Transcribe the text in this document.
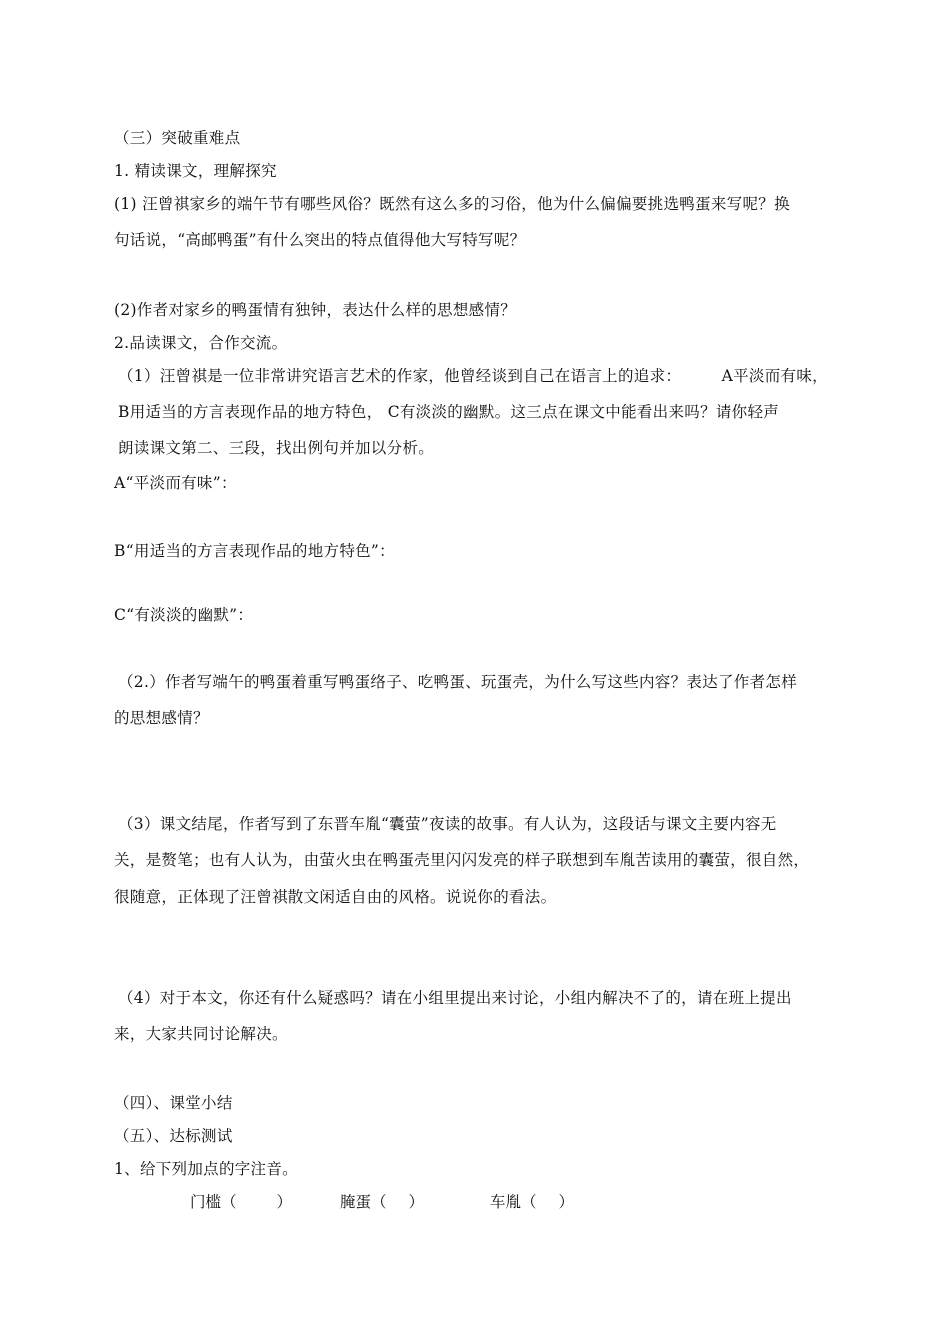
（三）突破重难点
1. 精读课文，理解探究
(1) 汪曾祺家乡的端午节有哪些风俗？既然有这么多的习俗，他为什么偏偏要挑选鸭蛋来写呢？换
句话说，“高邮鸭蛋”有什么突出的特点值得他大写特写呢？
(2)作者对家乡的鸭蛋情有独钟，表达什么样的思想感情？
2.品读课文，合作交流。
（1）汪曾祺是一位非常讲究语言艺术的作家，他曾经谈到自己在语言上的追求：	A平淡而有味，
B用适当的方言表现作品的地方特色， C有淡淡的幽默。这三点在课文中能看出来吗？请你轻声
朗读课文第二、三段，找出例句并加以分析。
A“平淡而有味”：
B“用适当的方言表现作品的地方特色”：
C“有淡淡的幽默”：
（2.）作者写端午的鸭蛋着重写鸭蛋络子、吃鸭蛋、玩蛋壳，为什么写这些内容？表达了作者怎样
的思想感情？
（3）课文结尾，作者写到了东晋车胤“囊萤”夜读的故事。有人认为，这段话与课文主要内容无
关，是赘笔；也有人认为，由萤火虫在鸭蛋壳里闪闪发亮的样子联想到车胤苦读用的囊萤，很自然，
很随意，正体现了汪曾祺散文闲适自由的风格。说说你的看法。
（4）对于本文，你还有什么疑惑吗？请在小组里提出来讨论，小组内解决不了的，请在班上提出
来，大家共同讨论解决。
（四）、课堂小结
（五）、达标测试
1、给下列加点的字注音。
门槛（	）	腌蛋（ ）	车胤（ ）
